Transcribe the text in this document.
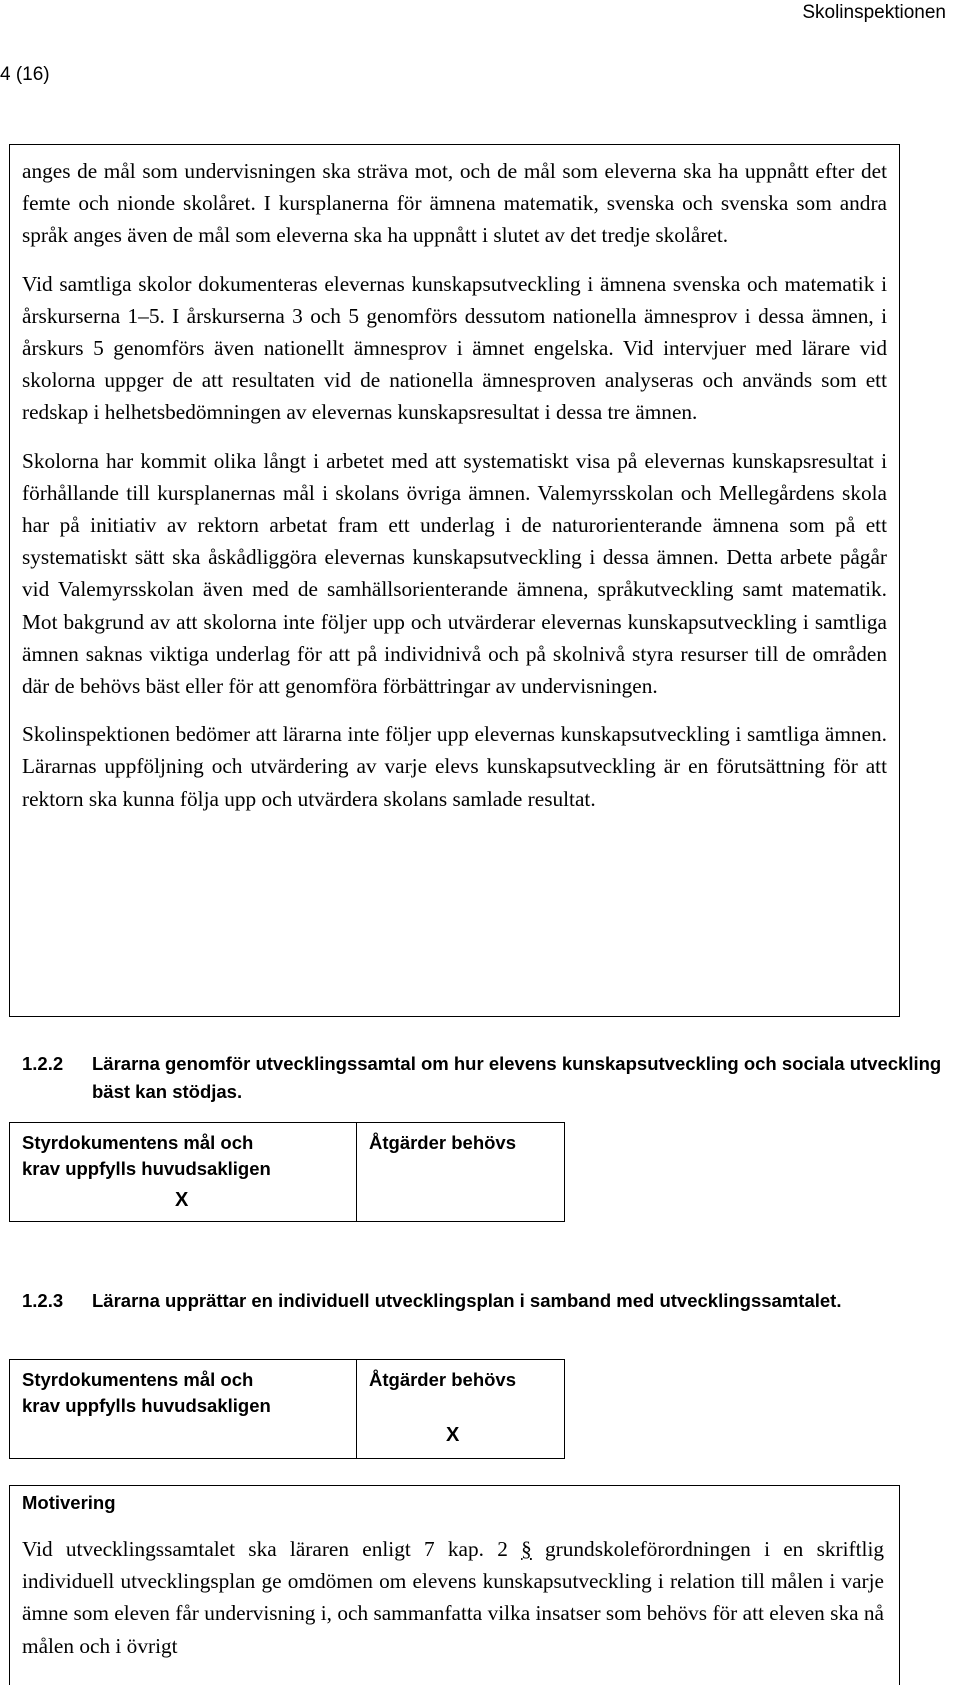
Skolinspektionen
4 (16)

anges de mål som undervisningen ska sträva mot, och de mål som eleverna ska ha uppnått efter det femte och nionde skolåret. I kursplanerna för ämnena matematik, svenska och svenska som andra språk anges även de mål som eleverna ska ha uppnått i slutet av det tredje skolåret.

Vid samtliga skolor dokumenteras elevernas kunskapsutveckling i ämnena svenska och matematik i årskurserna 1–5. I årskurserna 3 och 5 genomförs dessutom nationella ämnesprov i dessa ämnen, i årskurs 5 genomförs även nationellt ämnesprov i ämnet engelska. Vid intervjuer med lärare vid skolorna uppger de att resultaten vid de nationella ämnesproven analyseras och används som ett redskap i helhetsbedömningen av elevernas kunskapsresultat i dessa tre ämnen.

Skolorna har kommit olika långt i arbetet med att systematiskt visa på elevernas kunskapsresultat i förhållande till kursplanernas mål i skolans övriga ämnen. Valemyrsskolan och Mellegårdens skola har på initiativ av rektorn arbetat fram ett underlag i de naturorienterande ämnena som på ett systematiskt sätt ska åskådliggöra elevernas kunskapsutveckling i dessa ämnen. Detta arbete pågår vid Valemyrsskolan även med de samhällsorienterande ämnena, språkutveckling samt matematik. Mot bakgrund av att skolorna inte följer upp och utvärderar elevernas kunskapsutveckling i samtliga ämnen saknas viktiga underlag för att på individnivå och på skolnivå styra resurser till de områden där de behövs bäst eller för att genomföra förbättringar av undervisningen.

Skolinspektionen bedömer att lärarna inte följer upp elevernas kunskapsutveckling i samtliga ämnen. Lärarnas uppföljning och utvärdering av varje elevs kunskapsutveckling är en förutsättning för att rektorn ska kunna följa upp och utvärdera skolans samlade resultat.

1.2.2	Lärarna genomför utvecklingssamtal om hur elevens kunskapsutveckling och sociala utveckling bäst kan stödjas.
Styrdokumentens mål och
krav uppfylls huvudsakligen
X

Åtgärder behövs
1.2.3	Lärarna upprättar en individuell utvecklingsplan i samband med utvecklingssamtalet.
Styrdokumentens mål och
krav uppfylls huvudsakligen

Åtgärder behövs
X
Motivering

Vid utvecklingssamtalet ska läraren enligt 7 kap. 2 § grundskoleförordningen i en skriftlig individuell utvecklingsplan ge omdömen om elevens kunskapsutveckling i relation till målen i varje ämne som eleven får undervisning i, och sammanfatta vilka insatser som behövs för att eleven ska nå målen och i övrigt
